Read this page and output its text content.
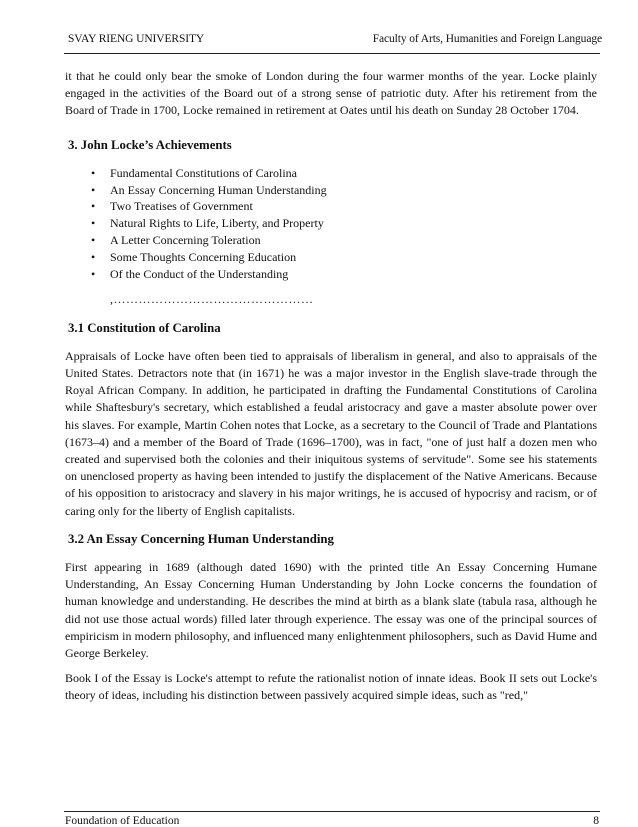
SVAY RIENG UNIVERSITY	Faculty of Arts, Humanities and Foreign Language

it that he could only bear the smoke of London during the four warmer months of the year. Locke plainly engaged in the activities of the Board out of a strong sense of patriotic duty. After his retirement from the Board of Trade in 1700, Locke remained in retirement at Oates until his death on Sunday 28 October 1704.

3. John Locke’s Achievements
• Fundamental Constitutions of Carolina
• An Essay Concerning Human Understanding
• Two Treatises of Government
• Natural Rights to Life, Liberty, and Property
• A Letter Concerning Toleration
• Some Thoughts Concerning Education
• Of the Conduct of the Understanding

,…………………………………………

3.1 Constitution of Carolina

Appraisals of Locke have often been tied to appraisals of liberalism in general, and also to appraisals of the United States. Detractors note that (in 1671) he was a major investor in the English slave-trade through the Royal African Company. In addition, he participated in drafting the Fundamental Constitutions of Carolina while Shaftesbury's secretary, which established a feudal aristocracy and gave a master absolute power over his slaves. For example, Martin Cohen notes that Locke, as a secretary to the Council of Trade and Plantations (1673–4) and a member of the Board of Trade (1696–1700), was in fact, "one of just half a dozen men who created and supervised both the colonies and their iniquitous systems of servitude". Some see his statements on unenclosed property as having been intended to justify the displacement of the Native Americans. Because of his opposition to aristocracy and slavery in his major writings, he is accused of hypocrisy and racism, or of caring only for the liberty of English capitalists.

3.2 An Essay Concerning Human Understanding

First appearing in 1689 (although dated 1690) with the printed title An Essay Concerning Humane Understanding, An Essay Concerning Human Understanding by John Locke concerns the foundation of human knowledge and understanding. He describes the mind at birth as a blank slate (tabula rasa, although he did not use those actual words) filled later through experience. The essay was one of the principal sources of empiricism in modern philosophy, and influenced many enlightenment philosophers, such as David Hume and George Berkeley.

Book I of the Essay is Locke's attempt to refute the rationalist notion of innate ideas. Book II sets out Locke's theory of ideas, including his distinction between passively acquired simple ideas, such as "red,"

Foundation of Education	8
